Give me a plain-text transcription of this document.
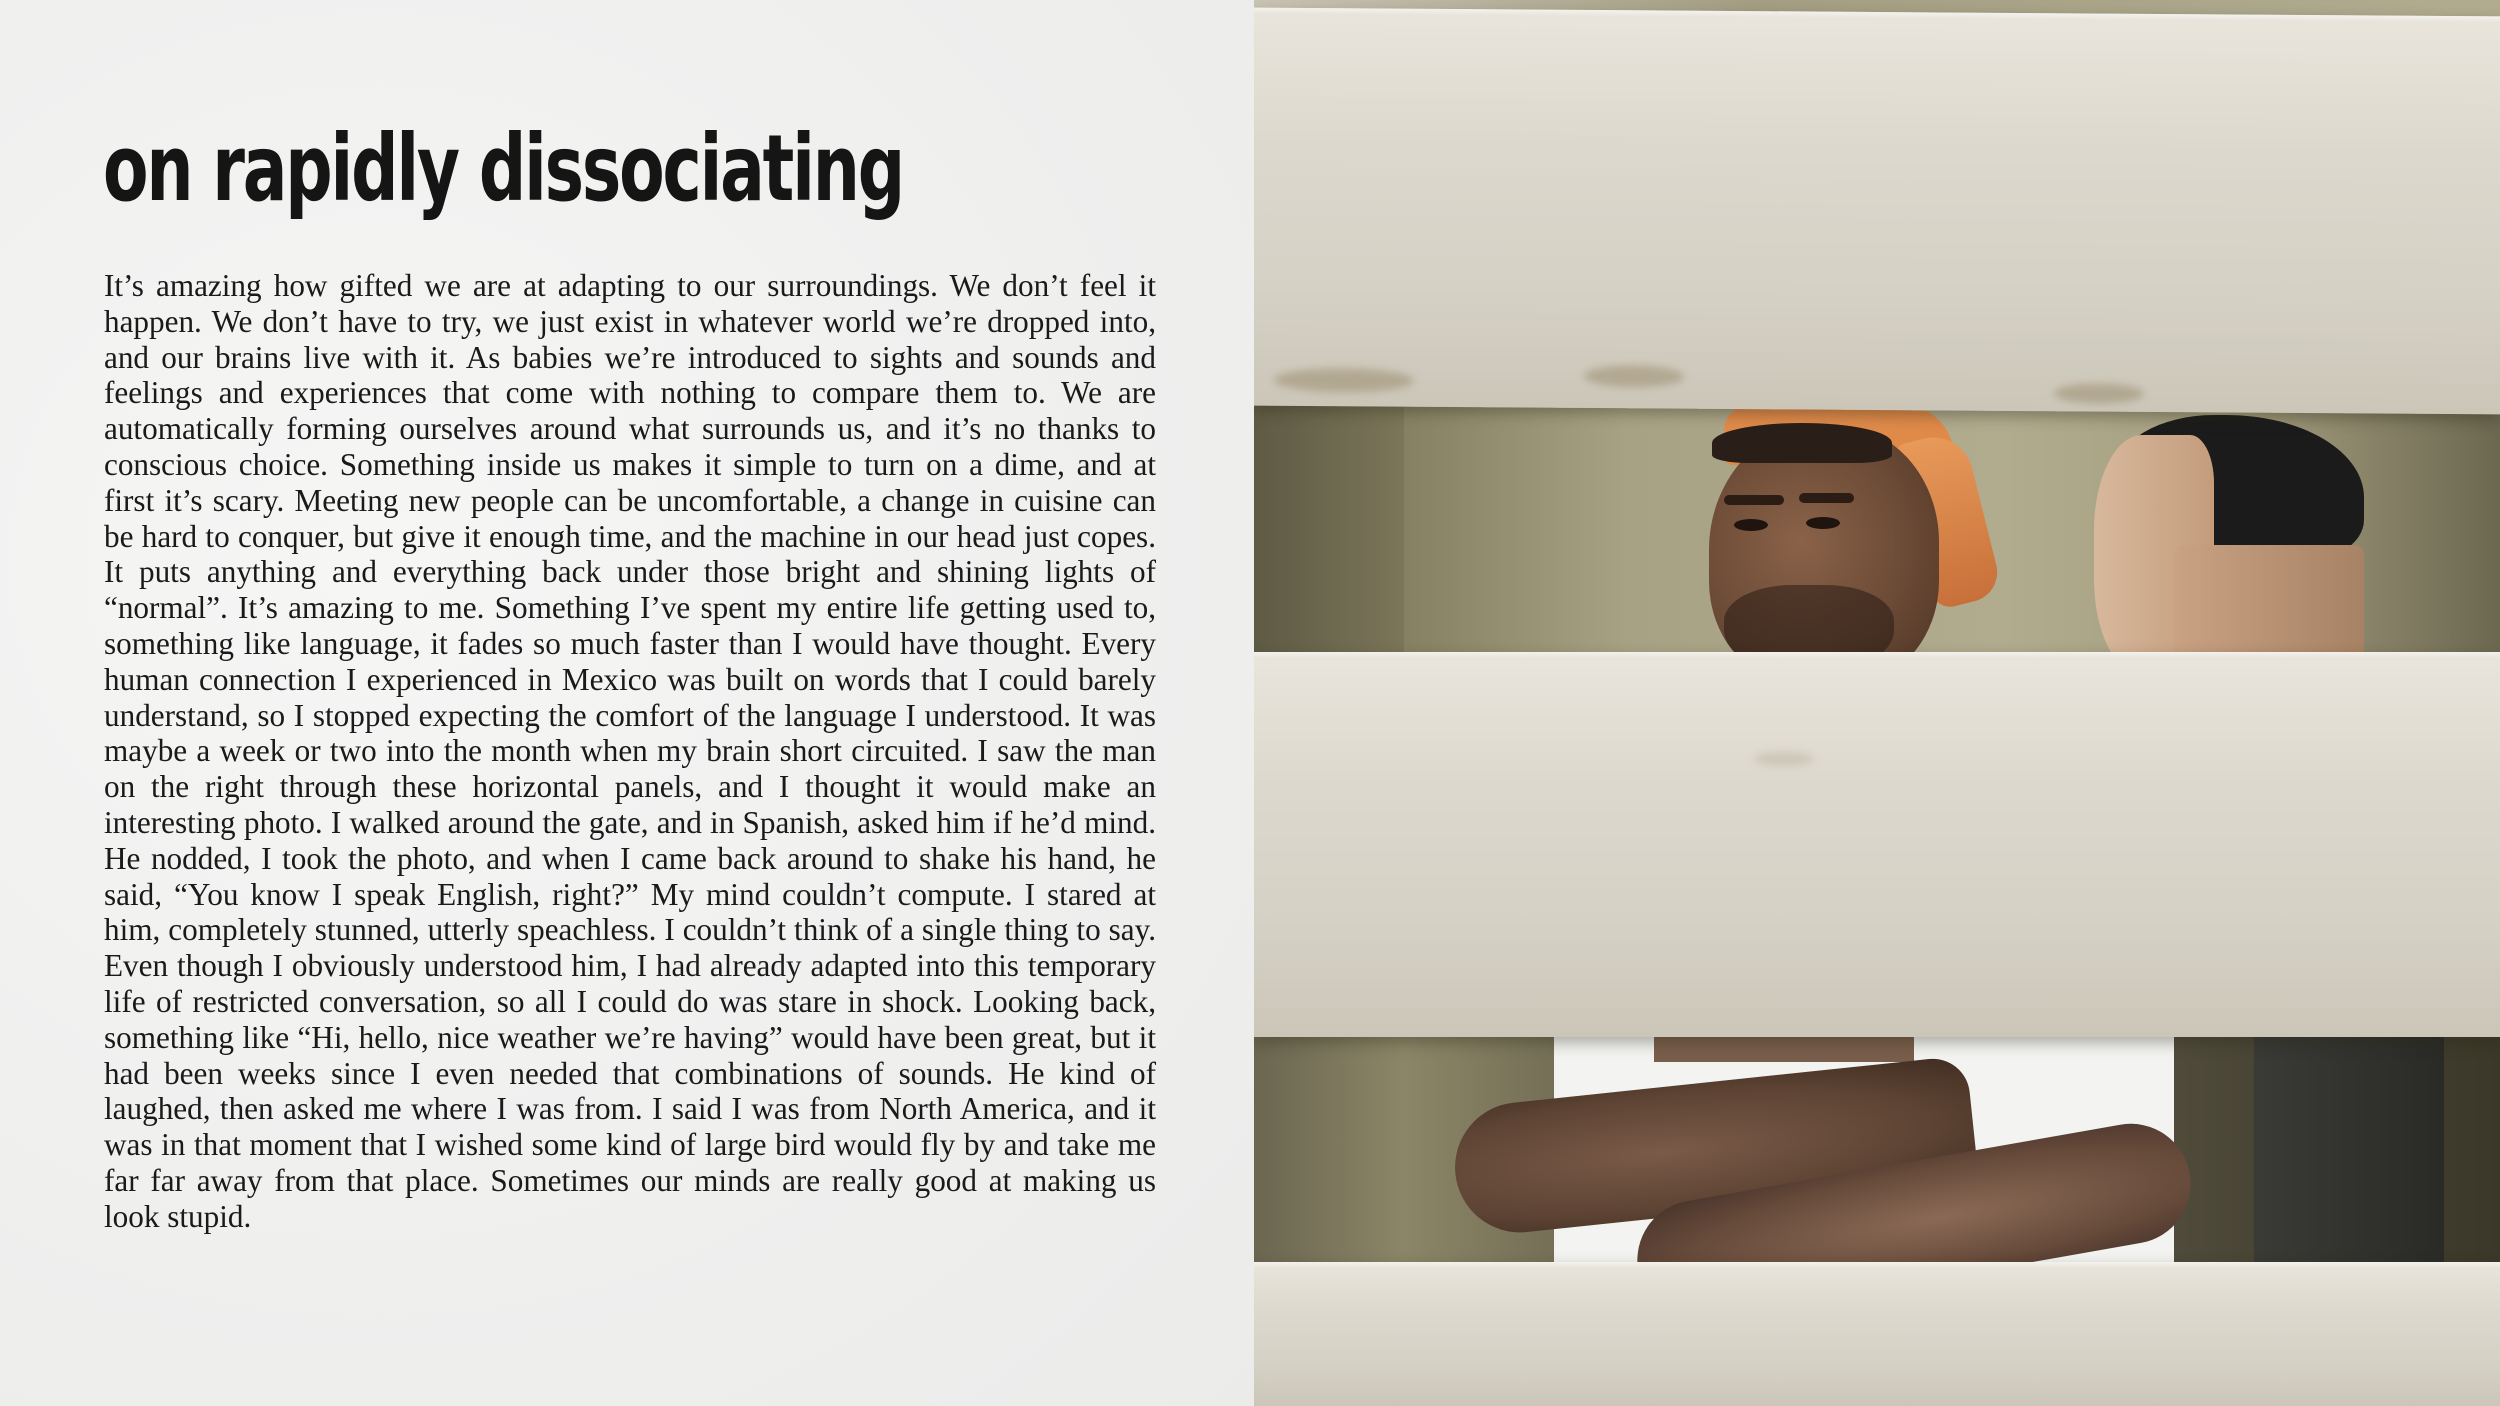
on rapidly dissociating

It’s amazing how gifted we are at adapting to our surroundings. We don’t feel it happen. We don’t have to try, we just exist in whatever world we’re dropped into, and our brains live with it. As babies we’re introduced to sights and sounds and feelings and experiences that come with nothing to compare them to. We are automatically forming ourselves around what surrounds us, and it’s no thanks to conscious choice. Something inside us makes it simple to turn on a dime, and at first it’s scary. Meeting new people can be uncomfortable, a change in cuisine can be hard to conquer, but give it enough time, and the machine in our head just copes. It puts anything and everything back under those bright and shining lights of “normal”. It’s amazing to me. Something I’ve spent my entire life getting used to, something like language, it fades so much faster than I would have thought. Every human connection I experienced in Mexico was built on words that I could barely understand, so I stopped expecting the comfort of the language I understood. It was maybe a week or two into the month when my brain short circuited. I saw the man on the right through these horizontal panels, and I thought it would make an interesting photo. I walked around the gate, and in Spanish, asked him if he’d mind. He nodded, I took the photo, and when I came back around to shake his hand, he said, “You know I speak English, right?” My mind couldn’t compute. I stared at him, completely stunned, utterly speachless. I couldn’t think of a single thing to say. Even though I obviously understood him, I had already adapted into this temporary life of restricted conversation, so all I could do was stare in shock. Looking back, something like “Hi, hello, nice weather we’re having” would have been great, but it had been weeks since I even needed that combinations of sounds. He kind of laughed, then asked me where I was from. I said I was from North America, and it was in that moment that I wished some kind of large bird would fly by and take me far far away from that place. Sometimes our minds are really good at making us look stupid.
